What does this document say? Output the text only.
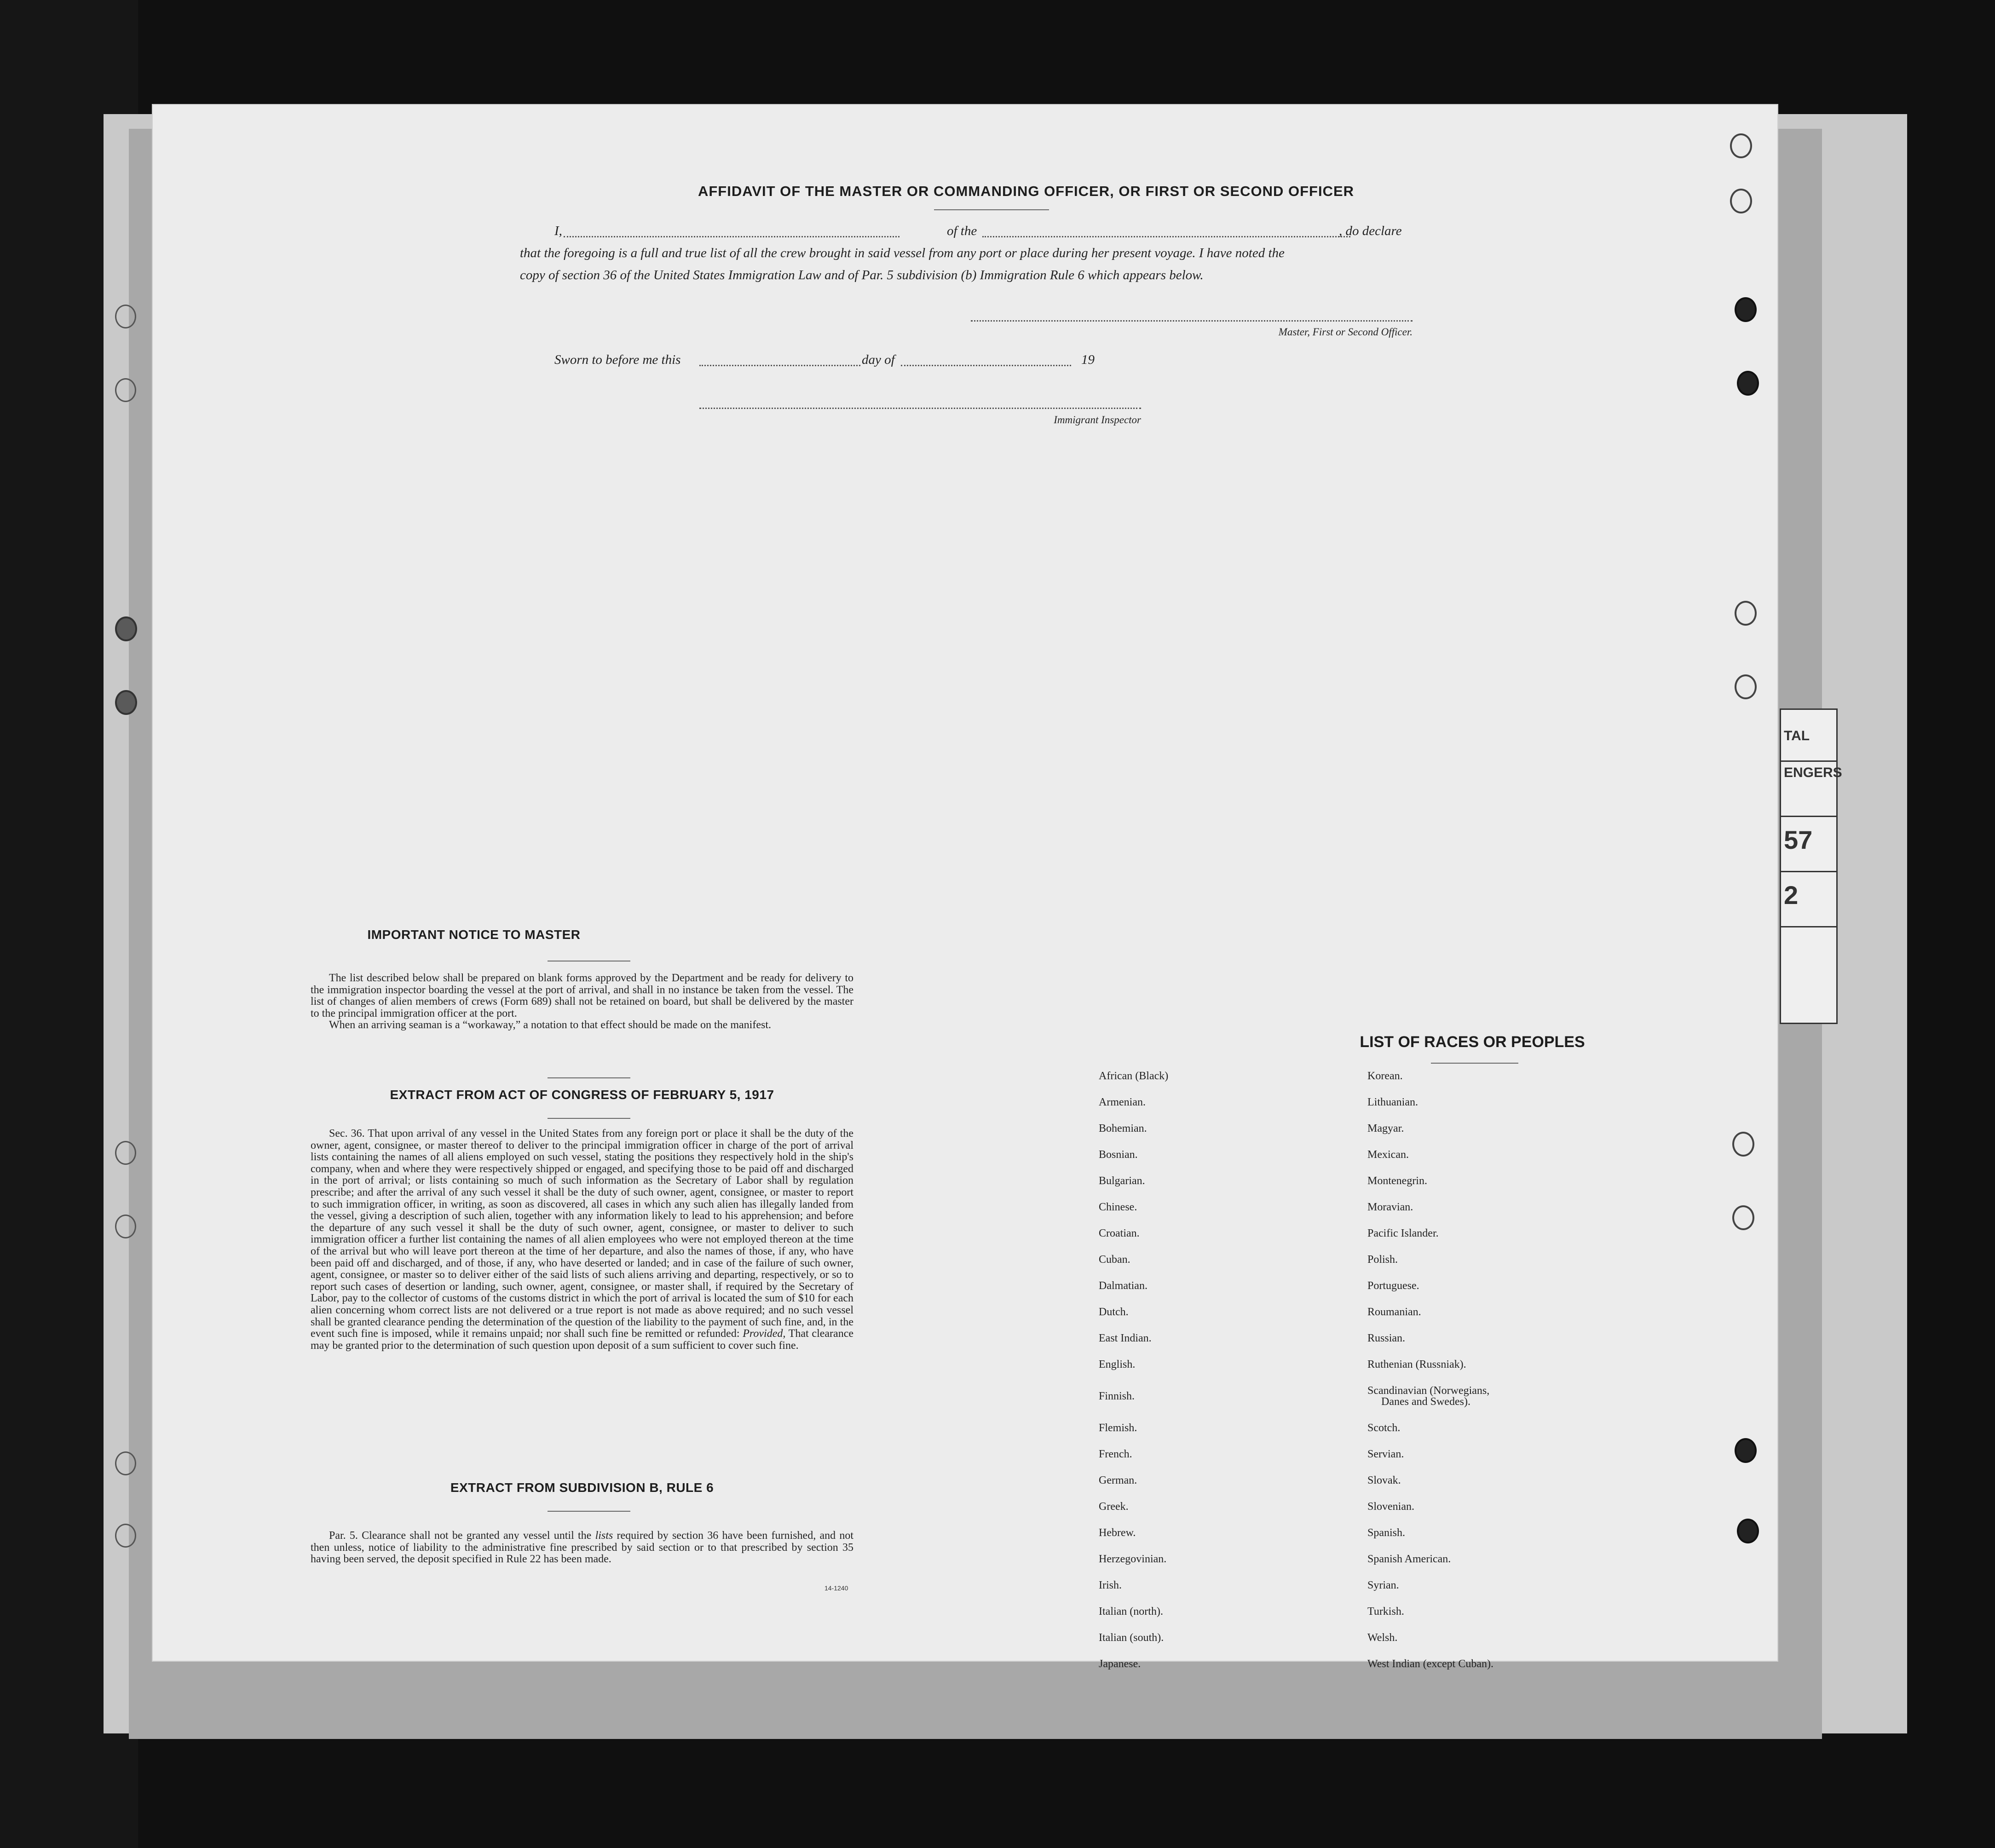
TAL
ENGERS
57
2
AFFIDAVIT OF THE MASTER OR COMMANDING OFFICER, OR FIRST OR SECOND OFFICER
I,	of the	, do declare
that the foregoing is a full and true list of all the crew brought in said vessel from any port or place during her present voyage. I have noted the
copy of section 36 of the United States Immigration Law and of Par. 5 subdivision (b) Immigration Rule 6 which appears below.
Master, First or Second Officer.
Sworn to before me this	day of	19
Immigrant Inspector
IMPORTANT NOTICE TO MASTER

The list described below shall be prepared on blank forms approved by the Department and be ready for delivery to the immigration inspector boarding the vessel at the port of arrival, and shall in no instance be taken from the vessel. The list of changes of alien members of crews (Form 689) shall not be retained on board, but shall be delivered by the master to the principal immigration officer at the port.

When an arriving seaman is a “workaway,” a notation to that effect should be made on the manifest.

EXTRACT FROM ACT OF CONGRESS OF FEBRUARY 5, 1917

Sec. 36. That upon arrival of any vessel in the United States from any foreign port or place it shall be the duty of the owner, agent, consignee, or master thereof to deliver to the principal immigration officer in charge of the port of arrival lists containing the names of all aliens employed on such vessel, stating the positions they respectively hold in the ship's company, when and where they were respectively shipped or engaged, and specifying those to be paid off and discharged in the port of arrival; or lists containing so much of such information as the Secretary of Labor shall by regulation prescribe; and after the arrival of any such vessel it shall be the duty of such owner, agent, consignee, or master to report to such immigration officer, in writing, as soon as discovered, all cases in which any such alien has illegally landed from the vessel, giving a description of such alien, together with any information likely to lead to his apprehension; and before the departure of any such vessel it shall be the duty of such owner, agent, consignee, or master to deliver to such immigration officer a further list containing the names of all alien employees who were not employed thereon at the time of the arrival but who will leave port thereon at the time of her departure, and also the names of those, if any, who have been paid off and discharged, and of those, if any, who have deserted or landed; and in case of the failure of such owner, agent, consignee, or master so to deliver either of the said lists of such aliens arriving and departing, respectively, or so to report such cases of desertion or landing, such owner, agent, consignee, or master shall, if required by the Secretary of Labor, pay to the collector of customs of the customs district in which the port of arrival is located the sum of $10 for each alien concerning whom correct lists are not delivered or a true report is not made as above required; and no such vessel shall be granted clearance pending the determination of the question of the liability to the payment of such fine, and, in the event such fine is imposed, while it remains unpaid; nor shall such fine be remitted or refunded: Provided, That clearance may be granted prior to the determination of such question upon deposit of a sum sufficient to cover such fine.

EXTRACT FROM SUBDIVISION B, RULE 6

Par. 5. Clearance shall not be granted any vessel until the lists required by section 36 have been furnished, and not then unless, notice of liability to the administrative fine prescribed by said section or to that prescribed by section 35 having been served, the deposit specified in Rule 22 has been made.

14-1240
LIST OF RACES OR PEOPLES
African (Black)
Armenian.
Bohemian.
Bosnian.
Bulgarian.
Chinese.
Croatian.
Cuban.
Dalmatian.
Dutch.
East Indian.
English.
Finnish.
Flemish.
French.
German.
Greek.
Hebrew.
Herzegovinian.
Irish.
Italian (north).
Italian (south).
Japanese.
Korean.
Lithuanian.
Magyar.
Mexican.
Montenegrin.
Moravian.
Pacific Islander.
Polish.
Portuguese.
Roumanian.
Russian.
Ruthenian (Russniak).
Scandinavian (Norwegians,
Danes and Swedes).
Scotch.
Servian.
Slovak.
Slovenian.
Spanish.
Spanish American.
Syrian.
Turkish.
Welsh.
West Indian (except Cuban).
